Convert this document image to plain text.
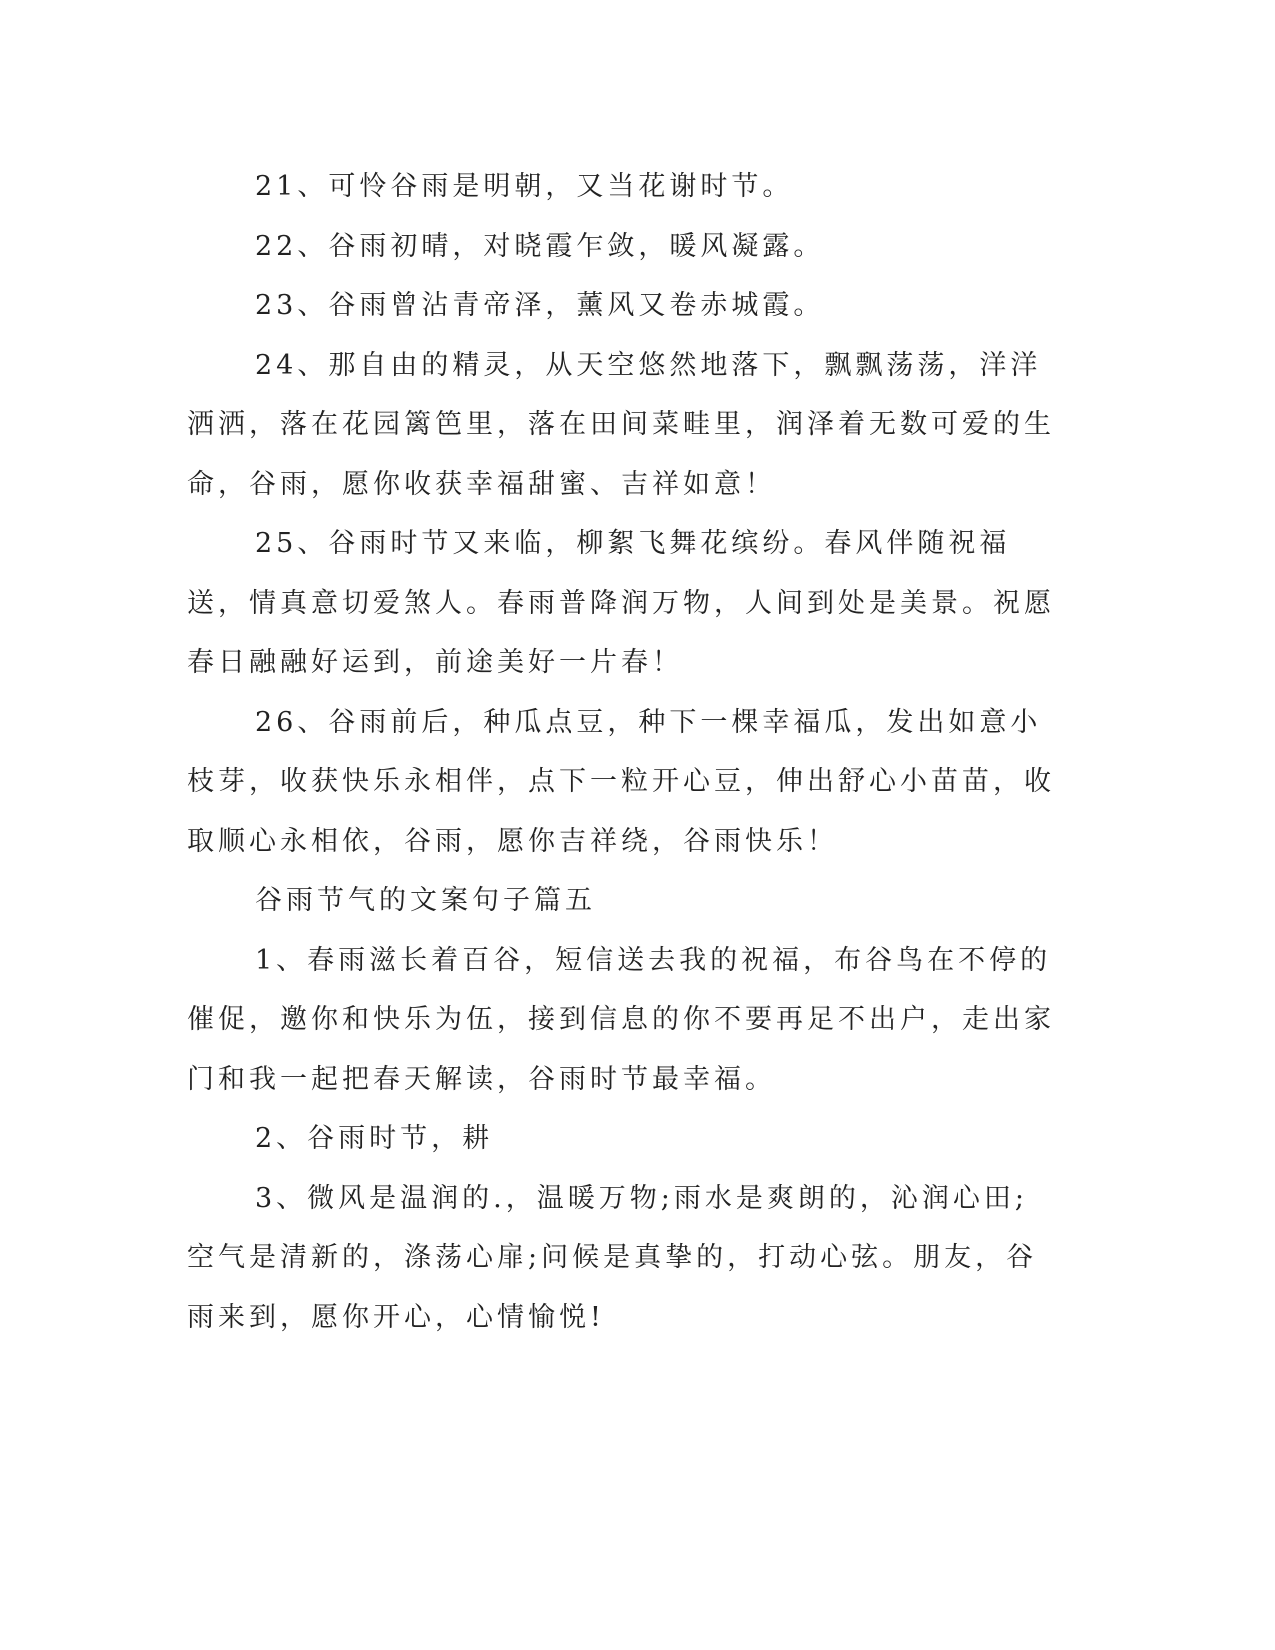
21、可怜谷雨是明朝，又当花谢时节。

22、谷雨初晴，对晓霞乍敛，暖风凝露。

23、谷雨曾沾青帝泽，薰风又卷赤城霞。

24、那自由的精灵，从天空悠然地落下，飘飘荡荡，洋洋洒洒，落在花园篱笆里，落在田间菜畦里，润泽着无数可爱的生命，谷雨，愿你收获幸福甜蜜、吉祥如意！

25、谷雨时节又来临，柳絮飞舞花缤纷。春风伴随祝福送，情真意切爱煞人。春雨普降润万物，人间到处是美景。祝愿春日融融好运到，前途美好一片春！

26、谷雨前后，种瓜点豆，种下一棵幸福瓜，发出如意小枝芽，收获快乐永相伴，点下一粒开心豆，伸出舒心小苗苗，收取顺心永相依，谷雨，愿你吉祥绕，谷雨快乐！

谷雨节气的文案句子篇五

1、春雨滋长着百谷，短信送去我的祝福，布谷鸟在不停的催促，邀你和快乐为伍，接到信息的你不要再足不出户，走出家门和我一起把春天解读，谷雨时节最幸福。

2、谷雨时节，耕

3、微风是温润的.，温暖万物;雨水是爽朗的，沁润心田;空气是清新的，涤荡心扉;问候是真挚的，打动心弦。朋友，谷雨来到，愿你开心，心情愉悦!
